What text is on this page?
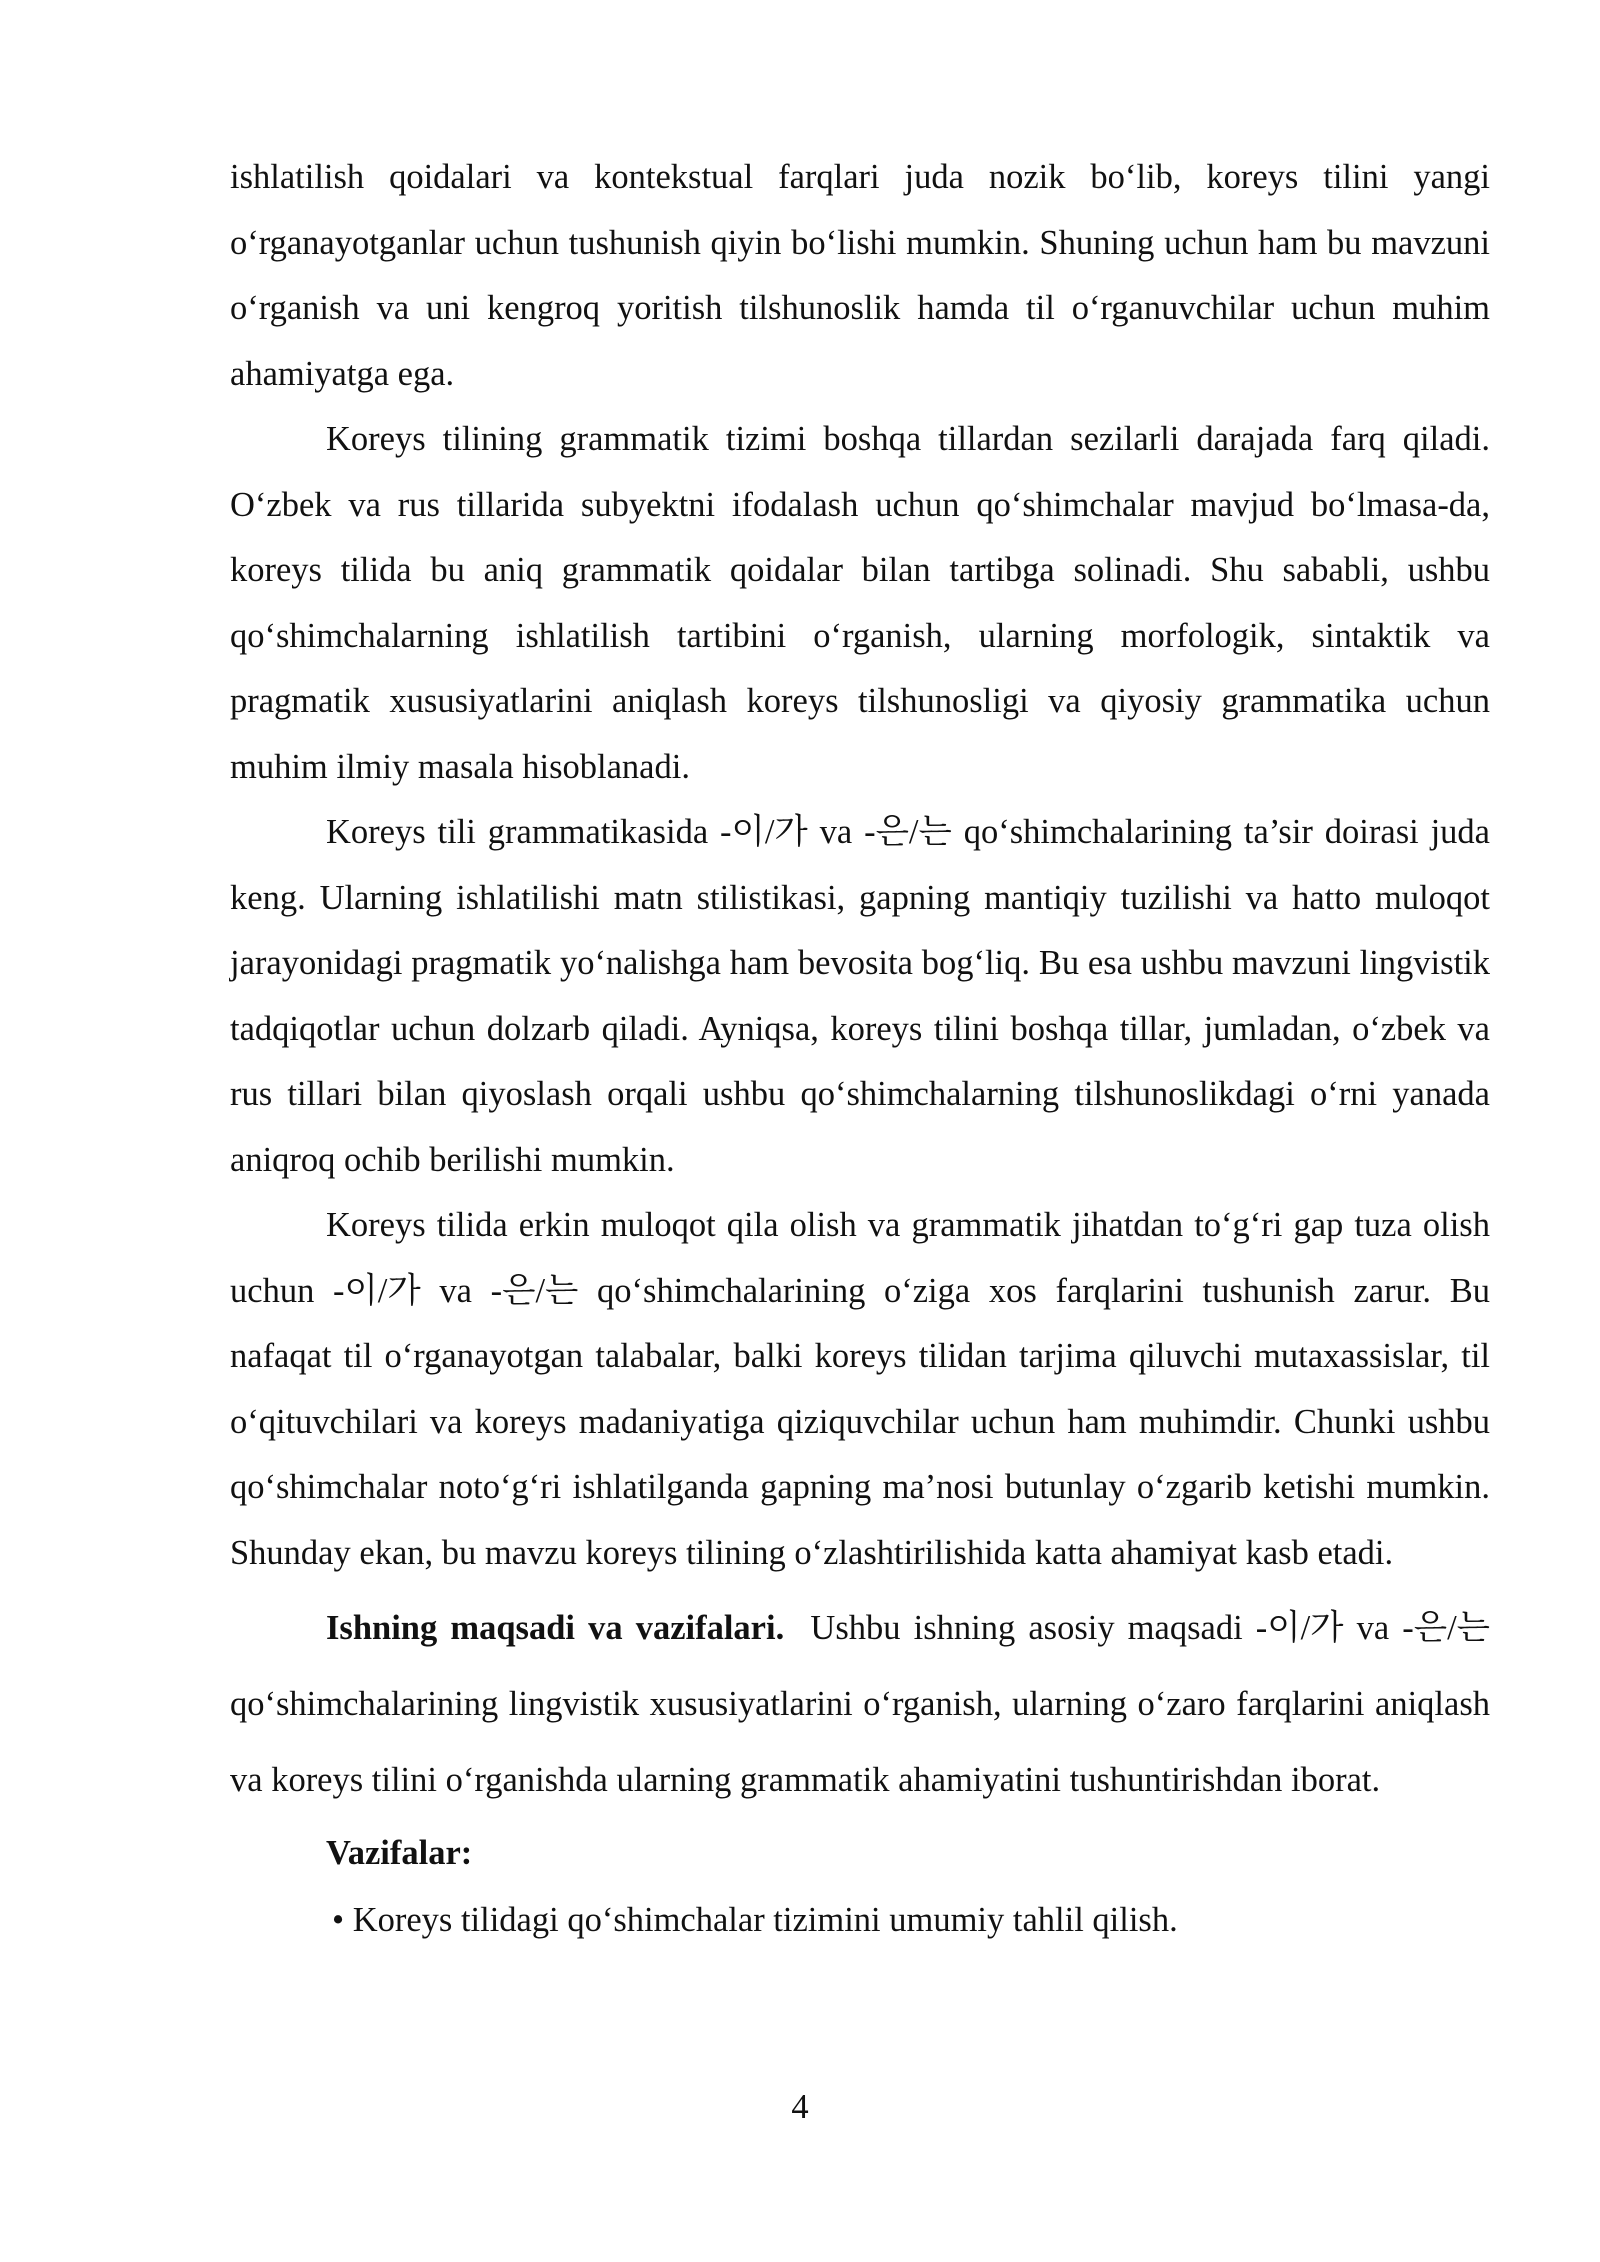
ishlatilish qoidalari va kontekstual farqlari juda nozik bo‘lib, koreys tilini yangi o‘rganayotganlar uchun tushunish qiyin bo‘lishi mumkin. Shuning uchun ham bu mavzuni o‘rganish va uni kengroq yoritish tilshunoslik hamda til o‘rganuvchilar uchun muhim ahamiyatga ega.

Koreys tilining grammatik tizimi boshqa tillardan sezilarli darajada farq qiladi. O‘zbek va rus tillarida subyektni ifodalash uchun qo‘shimchalar mavjud bo‘lmasa-da, koreys tilida bu aniq grammatik qoidalar bilan tartibga solinadi. Shu sababli, ushbu qo‘shimchalarning ishlatilish tartibini o‘rganish, ularning morfologik, sintaktik va pragmatik xususiyatlarini aniqlash koreys tilshunosligi va qiyosiy grammatika uchun muhim ilmiy masala hisoblanadi.

Koreys tili grammatikasida -이/가 va -은/는 qo‘shimchalarining ta’sir doirasi juda keng. Ularning ishlatilishi matn stilistikasi, gapning mantiqiy tuzilishi va hatto muloqot jarayonidagi pragmatik yo‘nalishga ham bevosita bog‘liq. Bu esa ushbu mavzuni lingvistik tadqiqotlar uchun dolzarb qiladi. Ayniqsa, koreys tilini boshqa tillar, jumladan, o‘zbek va rus tillari bilan qiyoslash orqali ushbu qo‘shimchalarning tilshunoslikdagi o‘rni yanada aniqroq ochib berilishi mumkin.

Koreys tilida erkin muloqot qila olish va grammatik jihatdan to‘g‘ri gap tuza olish uchun -이/가 va -은/는 qo‘shimchalarining o‘ziga xos farqlarini tushunish zarur. Bu nafaqat til o‘rganayotgan talabalar, balki koreys tilidan tarjima qiluvchi mutaxassislar, til o‘qituvchilari va koreys madaniyatiga qiziquvchilar uchun ham muhimdir. Chunki ushbu qo‘shimchalar noto‘g‘ri ishlatilganda gapning ma’nosi butunlay o‘zgarib ketishi mumkin. Shunday ekan, bu mavzu koreys tilining o‘zlashtirilishida katta ahamiyat kasb etadi.

Ishning maqsadi va vazifalari. Ushbu ishning asosiy maqsadi -이/가 va -은/는 qoʻshimchalarining lingvistik xususiyatlarini oʻrganish, ularning oʻzaro farqlarini aniqlash va koreys tilini oʻrganishda ularning grammatik ahamiyatini tushuntirishdan iborat.

Vazifalar:
• Koreys tilidagi qo‘shimchalar tizimini umumiy tahlil qilish.
4
